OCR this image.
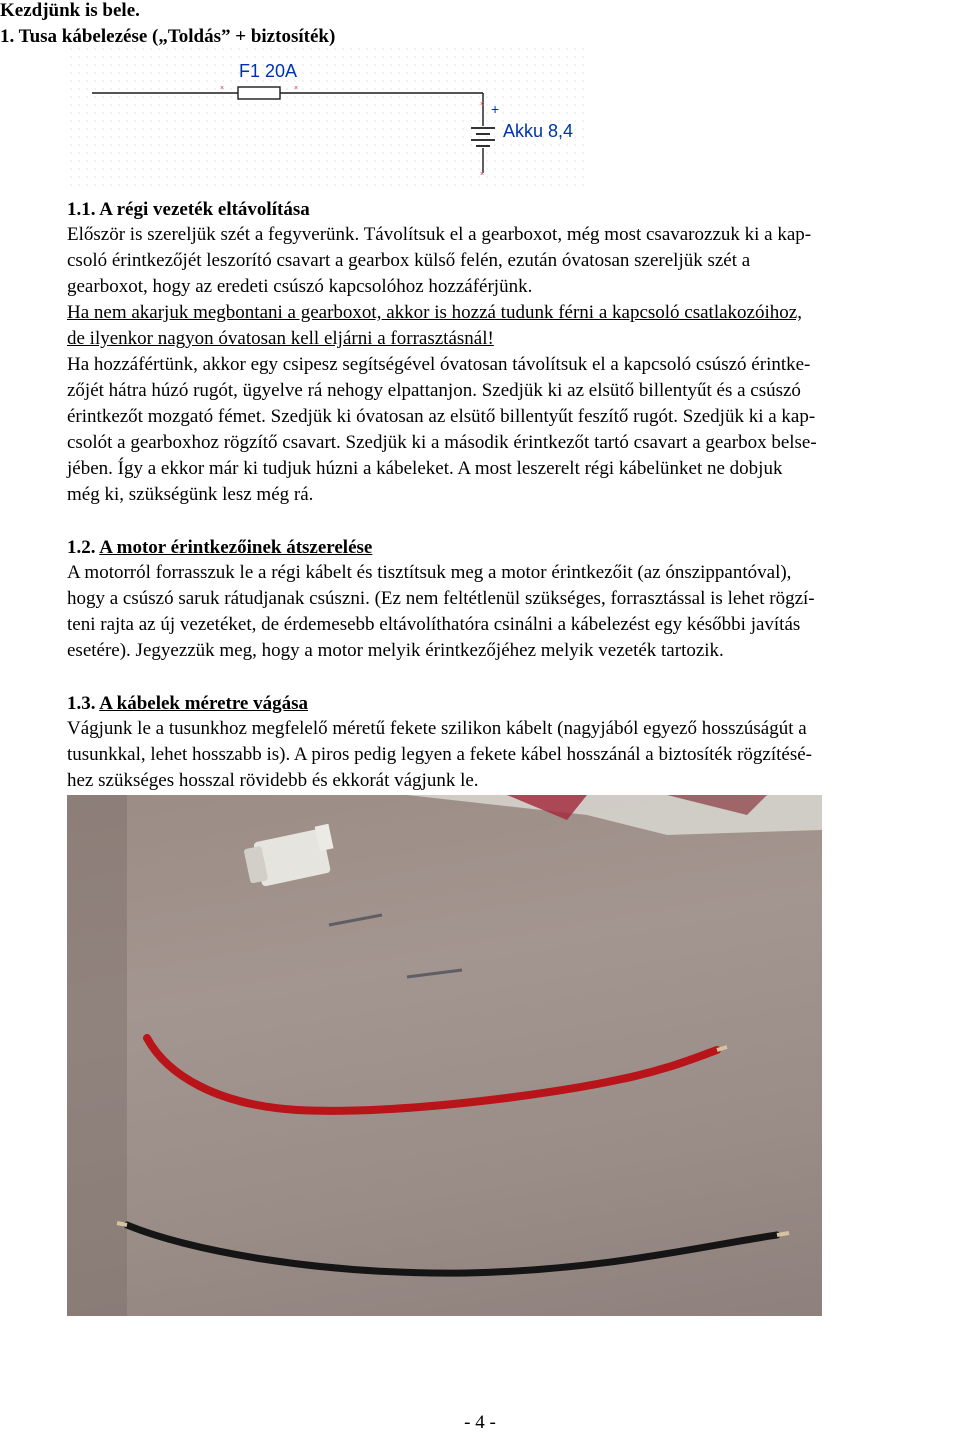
Kezdjünk is bele.
1. Tusa kábelezése („Toldás” + biztosíték)
×	×
×
×
F1 20A
+
Akku 8,4
1.1. A régi vezeték eltávolítása
Először is szereljük szét a fegyverünk. Távolítsuk el a gearboxot, még most csavarozzuk ki a kap-
csoló érintkezőjét leszorító csavart a gearbox külső felén, ezután óvatosan szereljük szét a
gearboxot, hogy az eredeti csúszó kapcsolóhoz hozzáférjünk.
Ha nem akarjuk megbontani a gearboxot, akkor is hozzá tudunk férni a kapcsoló csatlakozóihoz,
de ilyenkor nagyon óvatosan kell eljárni a forrasztásnál!
Ha hozzáfértünk, akkor egy csipesz segítségével óvatosan távolítsuk el a kapcsoló csúszó érintke-
zőjét hátra húzó rugót, ügyelve rá nehogy elpattanjon. Szedjük ki az elsütő billentyűt és a csúszó
érintkezőt mozgató fémet. Szedjük ki óvatosan az elsütő billentyűt feszítő rugót. Szedjük ki a kap-
csolót a gearboxhoz rögzítő csavart. Szedjük ki a második érintkezőt tartó csavart a gearbox belse-
jében. Így a ekkor már ki tudjuk húzni a kábeleket. A most leszerelt régi kábelünket ne dobjuk
még ki, szükségünk lesz még rá.
1.2. A motor érintkezőinek átszerelése
A motorról forrasszuk le a régi kábelt és tisztítsuk meg a motor érintkezőit (az ónszippantóval),
hogy a csúszó saruk rátudjanak csúszni. (Ez nem feltétlenül szükséges, forrasztással is lehet rögzí-
teni rajta az új vezetéket, de érdemesebb eltávolíthatóra csinálni a kábelezést egy későbbi javítás
esetére). Jegyezzük meg, hogy a motor melyik érintkezőjéhez melyik vezeték tartozik.
1.3. A kábelek méretre vágása
Vágjunk le a tusunkhoz megfelelő méretű fekete szilikon kábelt (nagyjából egyező hosszúságút a
tusunkkal, lehet hosszabb is). A piros pedig legyen a fekete kábel hosszánál a biztosíték rögzítésé-
hez szükséges hosszal rövidebb és ekkorát vágjunk le.
- 4 -
